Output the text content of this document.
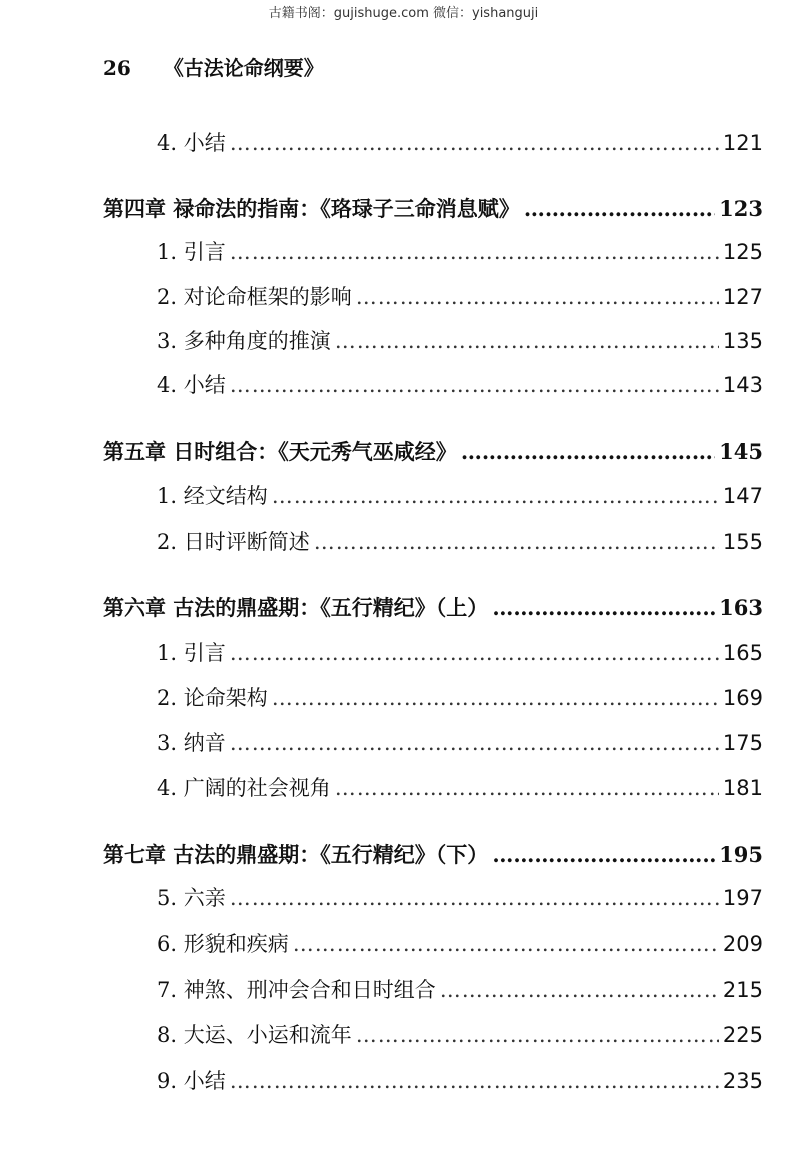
古籍书阁：gujishuge.com 微信：yishanguji
26 《古法论命纲要》
4. 小结 …………………………………………………………………………………………………………………………………………………………………………………………	121
第四章 禄命法的指南：《珞琭子三命消息赋》 …………………………………………………………………………………………………………………………………………………………………………………………	123
1. 引言 …………………………………………………………………………………………………………………………………………………………………………………………	125
2. 对论命框架的影响 …………………………………………………………………………………………………………………………………………………………………………………………	127
3. 多种角度的推演 …………………………………………………………………………………………………………………………………………………………………………………………	135
4. 小结 …………………………………………………………………………………………………………………………………………………………………………………………	143
第五章 日时组合：《天元秀气巫咸经》 …………………………………………………………………………………………………………………………………………………………………………………………	145
1. 经文结构 …………………………………………………………………………………………………………………………………………………………………………………………	147
2. 日时评断简述 …………………………………………………………………………………………………………………………………………………………………………………………	155
第六章 古法的鼎盛期：《五行精纪》（上） …………………………………………………………………………………………………………………………………………………………………………………………	163
1. 引言 …………………………………………………………………………………………………………………………………………………………………………………………	165
2. 论命架构 …………………………………………………………………………………………………………………………………………………………………………………………	169
3. 纳音 …………………………………………………………………………………………………………………………………………………………………………………………	175
4. 广阔的社会视角 …………………………………………………………………………………………………………………………………………………………………………………………	181
第七章 古法的鼎盛期：《五行精纪》（下） …………………………………………………………………………………………………………………………………………………………………………………………	195
5. 六亲 …………………………………………………………………………………………………………………………………………………………………………………………	197
6. 形貌和疾病 …………………………………………………………………………………………………………………………………………………………………………………………	209
7. 神煞、刑冲会合和日时组合 …………………………………………………………………………………………………………………………………………………………………………………………	215
8. 大运、小运和流年 …………………………………………………………………………………………………………………………………………………………………………………………	225
9. 小结 …………………………………………………………………………………………………………………………………………………………………………………………	235
